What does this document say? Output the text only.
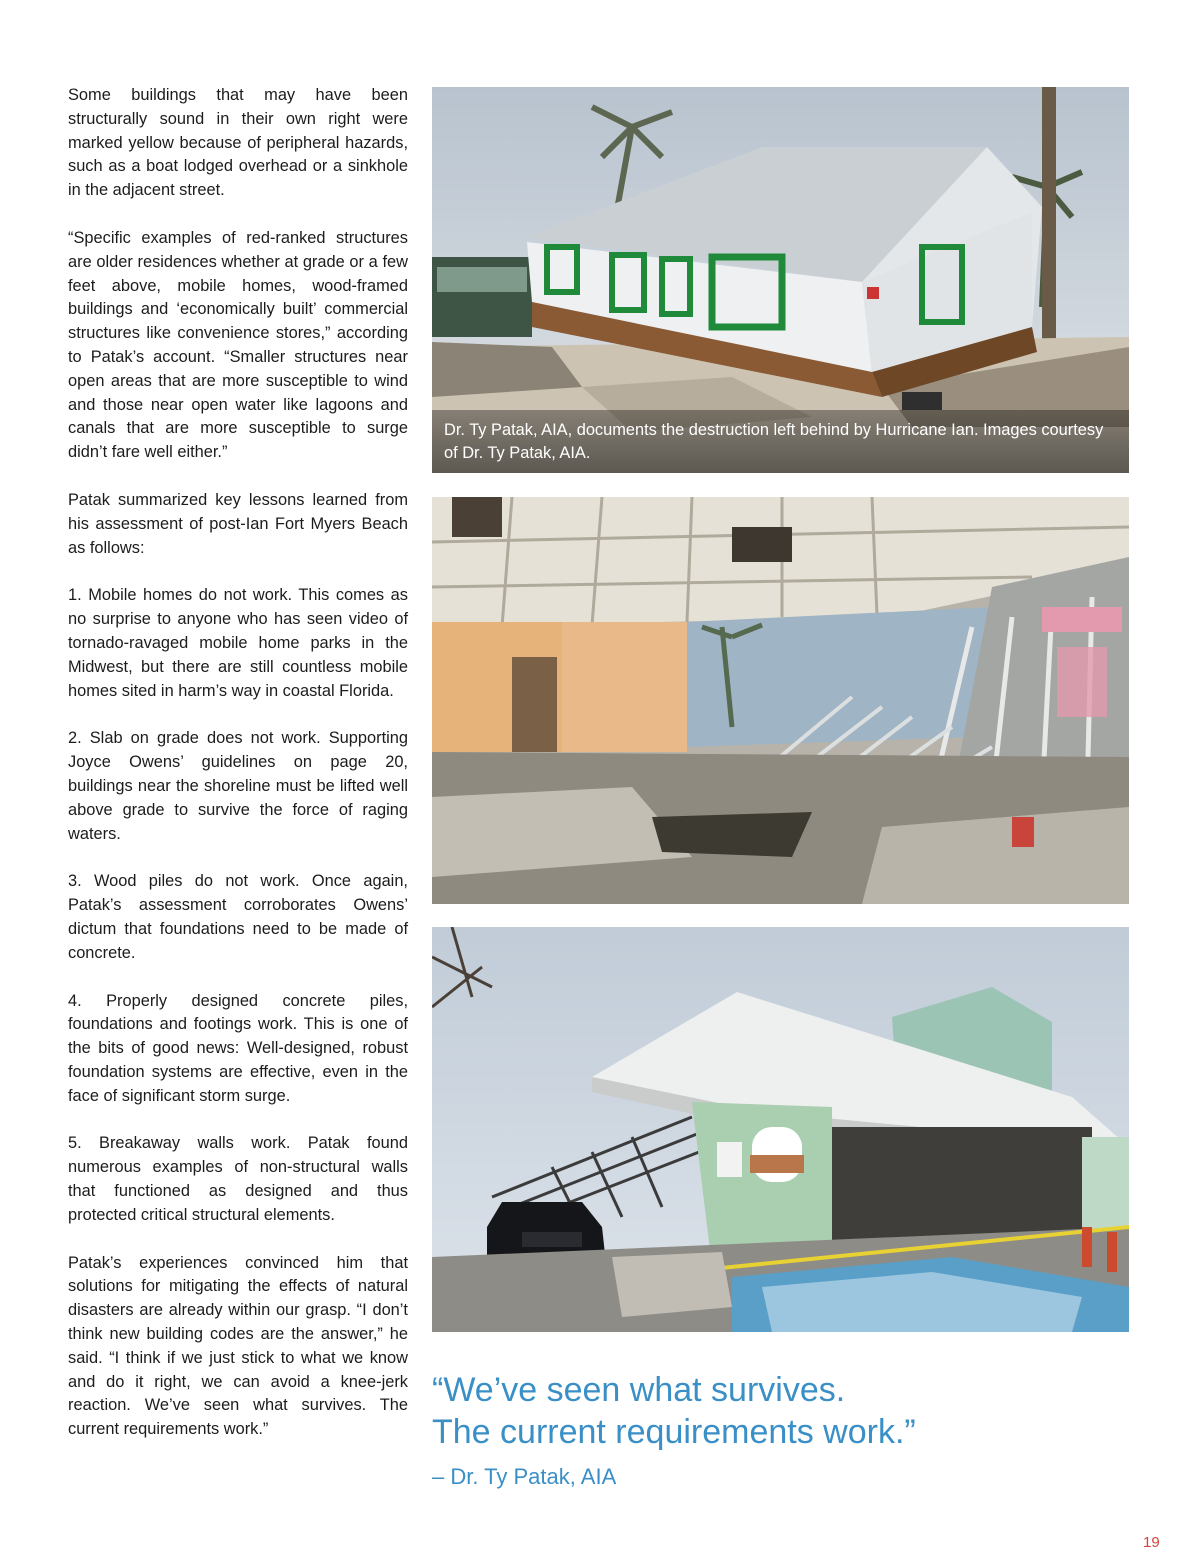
Some buildings that may have been structurally sound in their own right were marked yellow because of peripheral hazards, such as a boat lodged overhead or a sinkhole in the adjacent street.

“Specific examples of red-ranked structures are older residences whether at grade or a few feet above, mobile homes, wood-framed buildings and ‘economically built’ commercial structures like convenience stores,” according to Patak’s account. “Smaller structures near open areas that are more susceptible to wind and those near open water like lagoons and canals that are more susceptible to surge didn’t fare well either.”

Patak summarized key lessons learned from his assessment of post-Ian Fort Myers Beach as follows:

1. Mobile homes do not work. This comes as no surprise to anyone who has seen video of tornado-ravaged mobile home parks in the Midwest, but there are still countless mobile homes sited in harm’s way in coastal Florida.

2. Slab on grade does not work. Supporting Joyce Owens’ guidelines on page 20, buildings near the shoreline must be lifted well above grade to survive the force of raging waters.

3. Wood piles do not work. Once again, Patak’s assessment corroborates Owens’ dictum that foundations need to be made of concrete.

4. Properly designed concrete piles, foundations and footings work. This is one of the bits of good news: Well-designed, robust foundation systems are effective, even in the face of significant storm surge.

5. Breakaway walls work. Patak found numerous examples of non-structural walls that functioned as designed and thus protected critical structural elements.

Patak’s experiences convinced him that solutions for mitigating the effects of natural disasters are already within our grasp. “I don’t think new building codes are the answer,” he said. “I think if we just stick to what we know and do it right, we can avoid a knee-jerk reaction. We’ve seen what survives. The current requirements work.”

Dr. Ty Patak, AIA, documents the destruction left behind by Hurricane Ian. Images courtesy of Dr. Ty Patak, AIA.
“We’ve seen what survives.
The current requirements work.”
– Dr. Ty Patak, AIA
19
